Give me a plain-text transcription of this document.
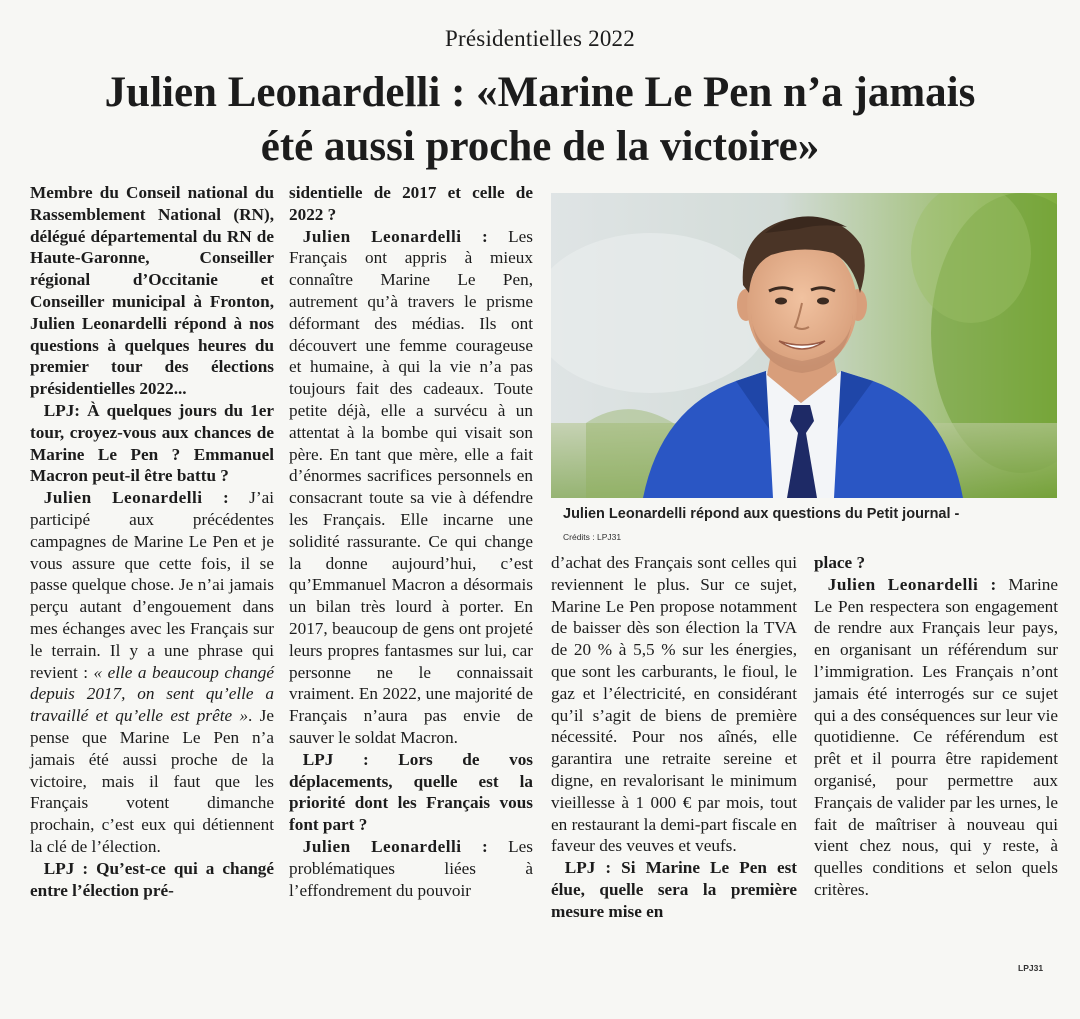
Présidentielles 2022
Julien Leonardelli : «Marine Le Pen n’a jamais
été aussi proche de la victoire»

Membre du Conseil national du Rassemblement National (RN), délégué départemental du RN de Haute-Garonne, Conseiller régional d’Occitanie et Conseiller municipal à Fronton, Julien Leonardelli répond à nos questions à quelques heures du premier tour des élections présidentielles 2022...

LPJ: À quelques jours du 1er tour, croyez-vous aux chances de Marine Le Pen ? Emmanuel Macron peut-il être battu ?

Julien Leonardelli : J’ai participé aux précédentes campagnes de Marine Le Pen et je vous assure que cette fois, il se passe quelque chose. Je n’ai jamais perçu autant d’engouement dans mes échanges avec les Français sur le terrain. Il y a une phrase qui revient : « elle a beaucoup changé depuis 2017, on sent qu’elle a travaillé et qu’elle est prête ». Je pense que Marine Le Pen n’a jamais été aussi proche de la victoire, mais il faut que les Français votent dimanche prochain, c’est eux qui détiennent la clé de l’élection.

LPJ : Qu’est-ce qui a changé entre l’élection pré-

sidentielle de 2017 et celle de 2022 ?

Julien Leonardelli : Les Français ont appris à mieux connaître Marine Le Pen, autrement qu’à travers le prisme déformant des médias. Ils ont découvert une femme courageuse et humaine, à qui la vie n’a pas toujours fait des cadeaux. Toute petite déjà, elle a survécu à un attentat à la bombe qui visait son père. En tant que mère, elle a fait d’énormes sacrifices personnels en consacrant toute sa vie à défendre les Français. Elle incarne une solidité rassurante. Ce qui change la donne aujourd’hui, c’est qu’Emmanuel Macron a désormais un bilan très lourd à porter. En 2017, beaucoup de gens ont projeté leurs propres fantasmes sur lui, car personne ne le connaissait vraiment. En 2022, une majorité de Français n’aura pas envie de sauver le soldat Macron.

LPJ : Lors de vos déplacements, quelle est la priorité dont les Français vous font part ?

Julien Leonardelli : Les problématiques liées à l’effondrement du pouvoir

Julien Leonardelli répond aux questions du Petit journal -
Crédits : LPJ31

d’achat des Français sont celles qui reviennent le plus. Sur ce sujet, Marine Le Pen propose notamment de baisser dès son élection la TVA de 20 % à 5,5 % sur les énergies, que sont les carburants, le fioul, le gaz et l’électricité, en considérant qu’il s’agit de biens de première nécessité. Pour nos aînés, elle garantira une retraite sereine et digne, en revalorisant le minimum vieillesse à 1 000 € par mois, tout en restaurant la demi-part fiscale en faveur des veuves et veufs.

LPJ : Si Marine Le Pen est élue, quelle sera la première mesure mise en

place ?

Julien Leonardelli : Marine Le Pen respectera son engagement de rendre aux Français leur pays, en organisant un référendum sur l’immigration. Les Français n’ont jamais été interrogés sur ce sujet qui a des conséquences sur leur vie quotidienne. Ce référendum est prêt et il pourra être rapidement organisé, pour permettre aux Français de valider par les urnes, le fait de maîtriser à nouveau qui vient chez nous, qui y reste, à quelles conditions et selon quels critères.

LPJ31
